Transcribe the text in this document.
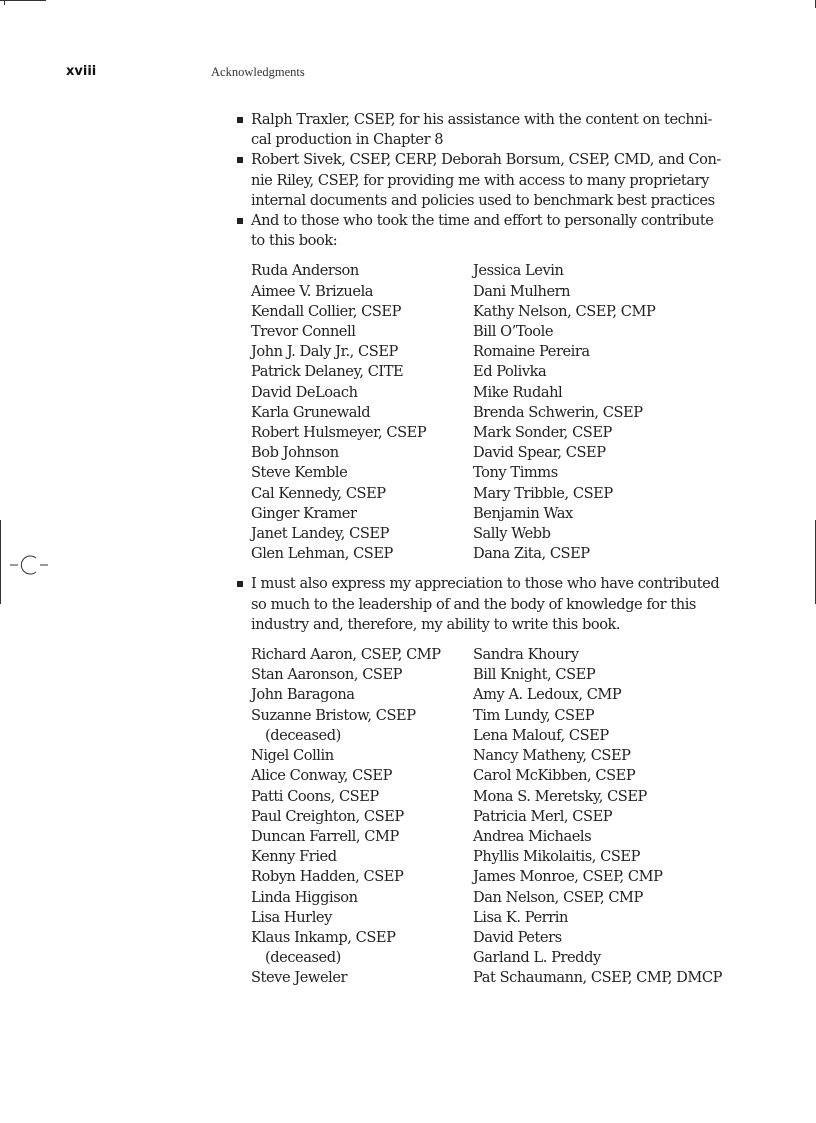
xviii	Acknowledgments
Ralph Traxler, CSEP, for his assistance with the content on techni-
cal production in Chapter 8
Robert Sivek, CSEP, CERP, Deborah Borsum, CSEP, CMD, and Con-
nie Riley, CSEP, for providing me with access to many proprietary
internal documents and policies used to benchmark best practices
And to those who took the time and effort to personally contribute
to this book:
Ruda Anderson
Aimee V. Brizuela
Kendall Collier, CSEP
Trevor Connell
John J. Daly Jr., CSEP
Patrick Delaney, CITE
David DeLoach
Karla Grunewald
Robert Hulsmeyer, CSEP
Bob Johnson
Steve Kemble
Cal Kennedy, CSEP
Ginger Kramer
Janet Landey, CSEP
Glen Lehman, CSEP
Jessica Levin
Dani Mulhern
Kathy Nelson, CSEP, CMP
Bill O’Toole
Romaine Pereira
Ed Polivka
Mike Rudahl
Brenda Schwerin, CSEP
Mark Sonder, CSEP
David Spear, CSEP
Tony Timms
Mary Tribble, CSEP
Benjamin Wax
Sally Webb
Dana Zita, CSEP
I must also express my appreciation to those who have contributed
so much to the leadership of and the body of knowledge for this
industry and, therefore, my ability to write this book.
Richard Aaron, CSEP, CMP
Stan Aaronson, CSEP
John Baragona
Suzanne Bristow, CSEP
(deceased)
Nigel Collin
Alice Conway, CSEP
Patti Coons, CSEP
Paul Creighton, CSEP
Duncan Farrell, CMP
Kenny Fried
Robyn Hadden, CSEP
Linda Higgison
Lisa Hurley
Klaus Inkamp, CSEP
(deceased)
Steve Jeweler
Sandra Khoury
Bill Knight, CSEP
Amy A. Ledoux, CMP
Tim Lundy, CSEP
Lena Malouf, CSEP
Nancy Matheny, CSEP
Carol McKibben, CSEP
Mona S. Meretsky, CSEP
Patricia Merl, CSEP
Andrea Michaels
Phyllis Mikolaitis, CSEP
James Monroe, CSEP, CMP
Dan Nelson, CSEP, CMP
Lisa K. Perrin
David Peters
Garland L. Preddy
Pat Schaumann, CSEP, CMP, DMCP
